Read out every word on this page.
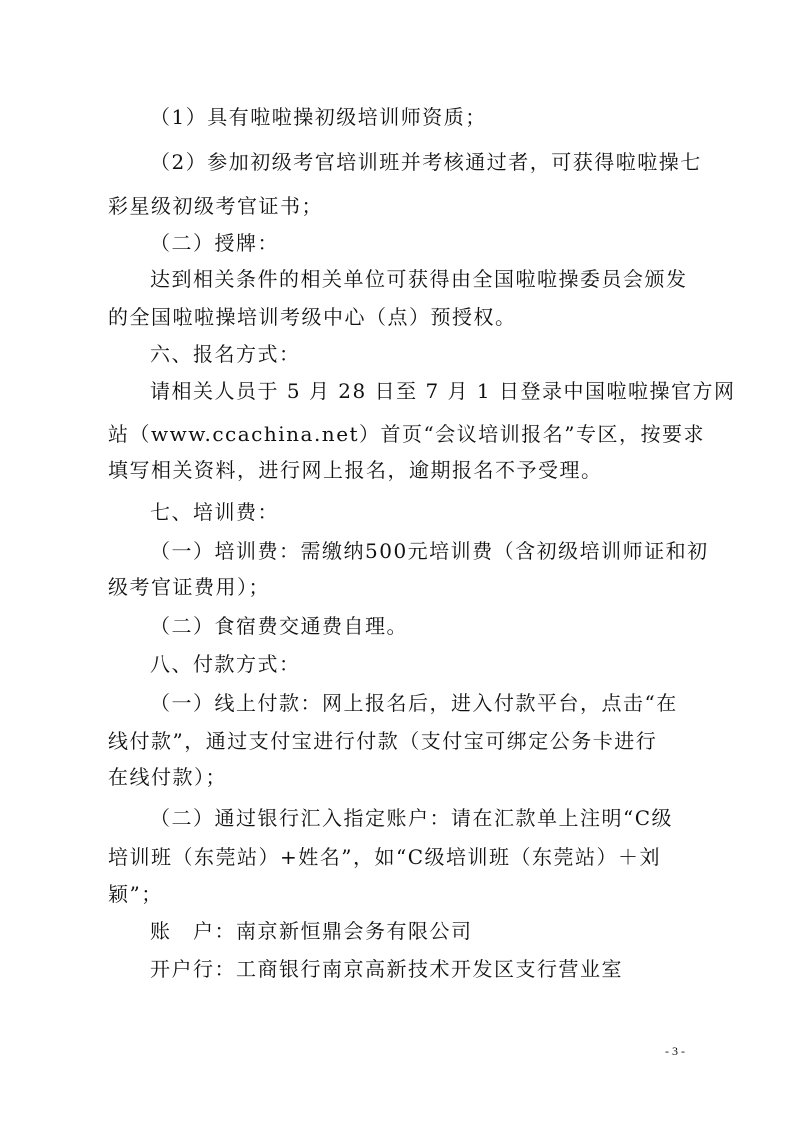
（1）具有啦啦操初级培训师资质；
（2）参加初级考官培训班并考核通过者，可获得啦啦操七
彩星级初级考官证书；
（二）授牌：
达到相关条件的相关单位可获得由全国啦啦操委员会颁发
的全国啦啦操培训考级中心（点）预授权。
六、报名方式：
请相关人员于 5 月 28 日至 7 月 1 日登录中国啦啦操官方网
站（www.ccachina.net）首页“会议培训报名”专区，按要求
填写相关资料，进行网上报名，逾期报名不予受理。
七、培训费：
（一）培训费：需缴纳500元培训费（含初级培训师证和初
级考官证费用）；
（二）食宿费交通费自理。
八、付款方式：
（一）线上付款：网上报名后，进入付款平台，点击“在
线付款”，通过支付宝进行付款（支付宝可绑定公务卡进行
在线付款）；
（二）通过银行汇入指定账户：请在汇款单上注明“C级
培训班（东莞站）+姓名”，如“C级培训班（东莞站）＋刘
颖”；
账　户：南京新恒鼎会务有限公司
开户行：工商银行南京高新技术开发区支行营业室
- 3 -
